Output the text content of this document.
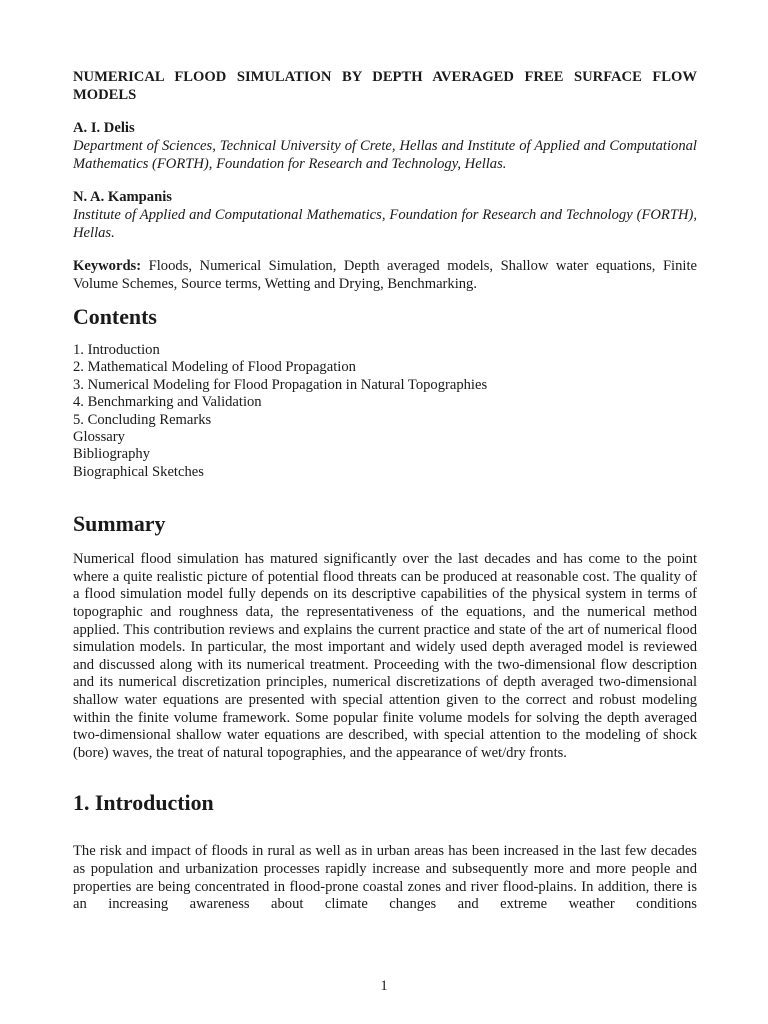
NUMERICAL FLOOD SIMULATION BY DEPTH AVERAGED FREE SURFACE FLOW MODELS

A. I. Delis

Department of Sciences, Technical University of Crete, Hellas and Institute of Applied and Computational Mathematics (FORTH), Foundation for Research and Technology, Hellas.

N. A. Kampanis

Institute of Applied and Computational Mathematics, Foundation for Research and Technology (FORTH), Hellas.

Keywords: Floods, Numerical Simulation, Depth averaged models, Shallow water equations, Finite Volume Schemes, Source terms, Wetting and Drying, Benchmarking.

Contents
1. Introduction
2. Mathematical Modeling of Flood Propagation
3. Numerical Modeling for Flood Propagation in Natural Topographies
4. Benchmarking and Validation
5. Concluding Remarks
Glossary
Bibliography
Biographical Sketches
Summary

Numerical flood simulation has matured significantly over the last decades and has come to the point where a quite realistic picture of potential flood threats can be produced at reasonable cost. The quality of a flood simulation model fully depends on its descriptive capabilities of the physical system in terms of topographic and roughness data, the representativeness of the equations, and the numerical method applied. This contribution reviews and explains the current practice and state of the art of numerical flood simulation models. In particular, the most important and widely used depth averaged model is reviewed and discussed along with its numerical treatment. Proceeding with the two-dimensional flow description and its numerical discretization principles, numerical discretizations of depth averaged two-dimensional shallow water equations are presented with special attention given to the correct and robust modeling within the finite volume framework. Some popular finite volume models for solving the depth averaged two-dimensional shallow water equations are described, with special attention to the modeling of shock (bore) waves, the treat of natural topographies, and the appearance of wet/dry fronts.

1. Introduction

The risk and impact of floods in rural as well as in urban areas has been increased in the last few decades as population and urbanization processes rapidly increase and subsequently more and more people and properties are being concentrated in flood-prone coastal zones and river flood-plains. In addition, there is an increasing awareness about climate changes and extreme weather conditions

1
